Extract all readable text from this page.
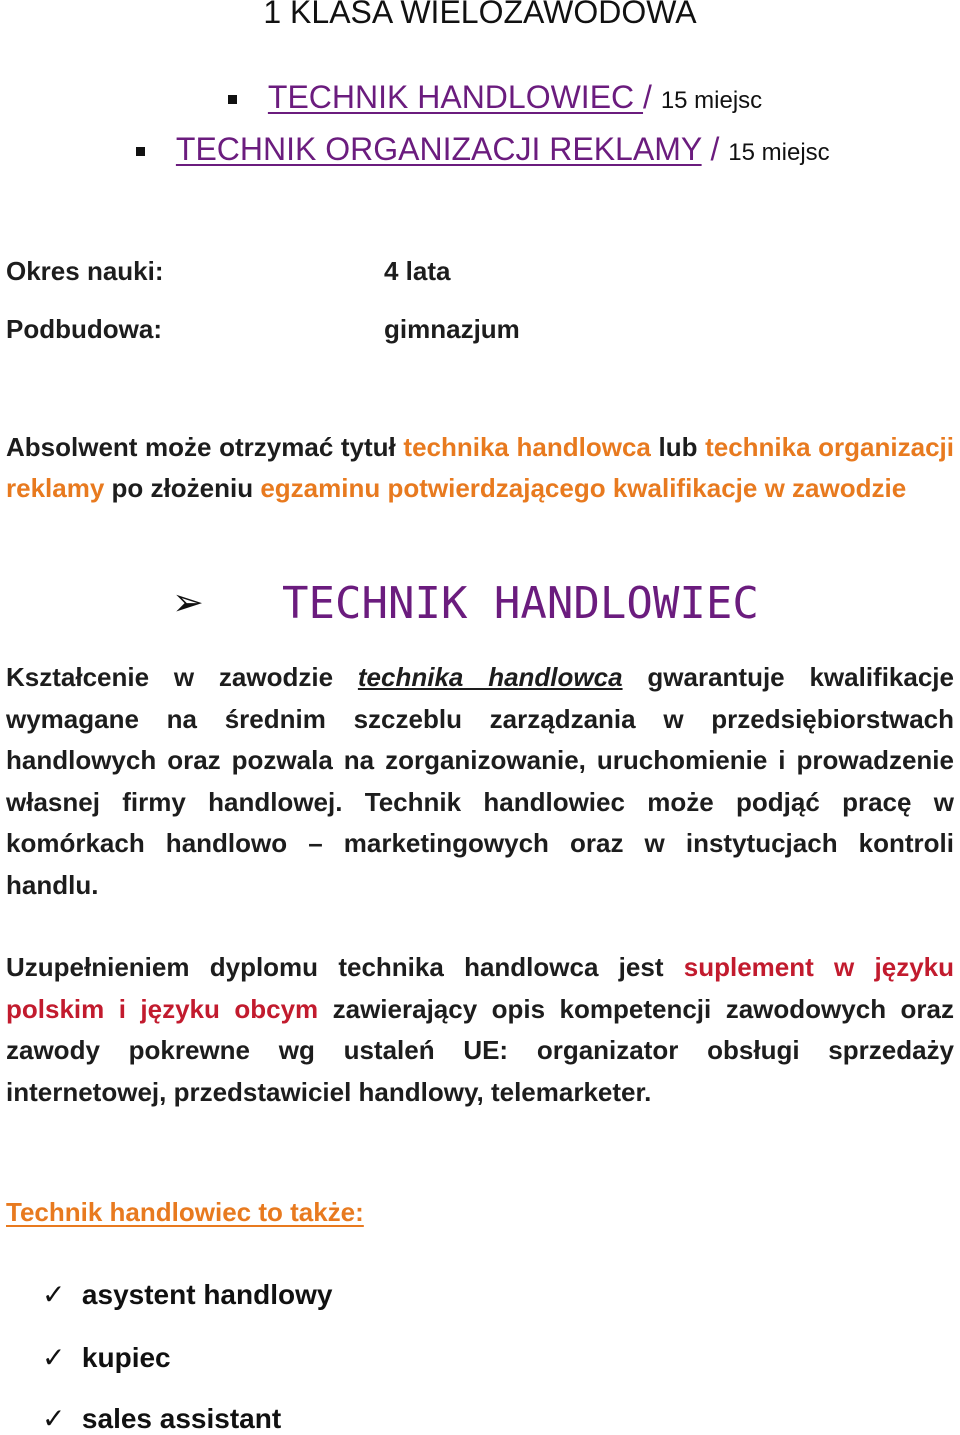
1 KLASA WIELOZAWODOWA
TECHNIK HANDLOWIEC / 15 miejsc
TECHNIK ORGANIZACJI REKLAMY / 15 miejsc
Okres nauki:	4 lata
Podbudowa:	gimnazjum
Absolwent może otrzymać tytuł technika handlowca lub technika organizacji reklamy po złożeniu egzaminu potwierdzającego kwalifikacje w zawodzie
➢ TECHNIK HANDLOWIEC
Kształcenie w zawodzie technika handlowca gwarantuje kwalifikacje wymagane na średnim szczeblu zarządzania w przedsiębiorstwach handlowych oraz pozwala na zorganizowanie, uruchomienie i prowadzenie własnej firmy handlowej. Technik handlowiec może podjąć pracę w komórkach handlowo – marketingowych oraz w instytucjach kontroli handlu.
Uzupełnieniem dyplomu technika handlowca jest suplement w języku polskim i języku obcym zawierający opis kompetencji zawodowych oraz zawody pokrewne wg ustaleń UE: organizator obsługi sprzedaży internetowej, przedstawiciel handlowy, telemarketer.
Technik handlowiec to także:
✓ asystent handlowy
✓ kupiec
✓ sales assistant
